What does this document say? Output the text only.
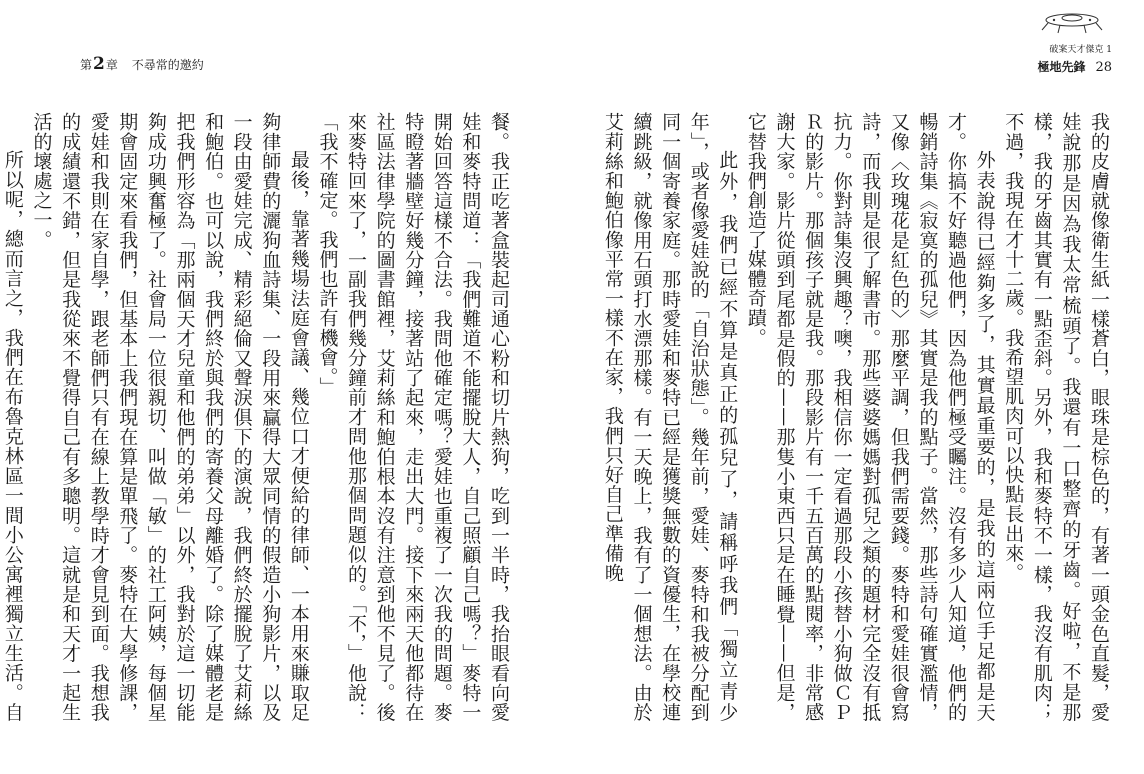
第2章 不尋常的邀約

餐。我正吃著盒裝起司通心粉和切片熱狗，吃到一半時，我抬眼看向愛娃和麥特問道：「我們難道不能擺脫大人，自己照顧自己嗎？」麥特一開始回答這樣不合法。我問他確定嗎？愛娃也重複了一次我的問題。麥特瞪著牆壁好幾分鐘，接著站了起來，走出大門。接下來兩天他都待在社區法律學院的圖書館裡，艾莉絲和鮑伯根本沒有注意到他不見了。後來麥特回來了，一副我們幾分鐘前才問他那個問題似的。「不，」他說：「我不確定。我們也許有機會。」

最後，靠著幾場法庭會議、幾位口才便給的律師、一本用來賺取足夠律師費的灑狗血詩集、一段用來贏得大眾同情的假造小狗影片，以及一段由愛娃完成、精彩絕倫又聲淚俱下的演說，我們終於擺脫了艾莉絲和鮑伯。也可以說，我們終於與我們的寄養父母離婚了。除了媒體老是把我們形容為「那兩個天才兒童和他們的弟弟」以外，我對於這一切能夠成功興奮極了。社會局一位很親切、叫做「敏」的社工阿姨，每個星期會固定來看我們，但基本上我們現在算是單飛了。麥特在大學修課，愛娃和我則在家自學，跟老師們只有在線上教學時才會見到面。我想我的成績還不錯，但是我從來不覺得自己有多聰明。這就是和天才一起生活的壞處之一。

所以呢，總而言之，我們在布魯克林區一間小公寓裡獨立生活。自

破案天才傑克 1
極地先鋒 28

我的皮膚就像衛生紙一樣蒼白，眼珠是棕色的，有著一頭金色直髮，愛娃說那是因為我太常梳頭了。我還有一口整齊的牙齒。好啦，不是那樣，我的牙齒其實有一點歪斜。另外，我和麥特不一樣，我沒有肌肉；不過，我現在才十二歲。我希望肌肉可以快點長出來。

外表說得已經夠多了，其實最重要的，是我的這兩位手足都是天才。你搞不好聽過他們，因為他們極受矚注。沒有多少人知道，他們的暢銷詩集《寂寞的孤兒》其實是我的點子。當然，那些詩句確實濫情，又像〈玫瑰花是紅色的〉那麼平調，但我們需要錢。麥特和愛娃很會寫詩，而我則是很了解書市。那些婆婆媽媽對孤兒之類的題材完全沒有抵抗力。你對詩集沒興趣？噢，我相信你一定看過那段小孩替小狗做ＣＰＲ的影片。那個孩子就是我。那段影片有一千五百萬的點閱率，非常感謝大家。影片從頭到尾都是假的——那隻小東西只是在睡覺——但是，它替我們創造了媒體奇蹟。

此外，我們已經不算是真正的孤兒了，請稱呼我們「獨立青少年」，或者像愛娃說的「自治狀態」。幾年前，愛娃、麥特和我被分配到同一個寄養家庭。那時愛娃和麥特已經是獲獎無數的資優生，在學校連續跳級，就像用石頭打水漂那樣。有一天晚上，我有了一個想法。由於艾莉絲和鮑伯像平常一樣不在家，我們只好自己準備晚
